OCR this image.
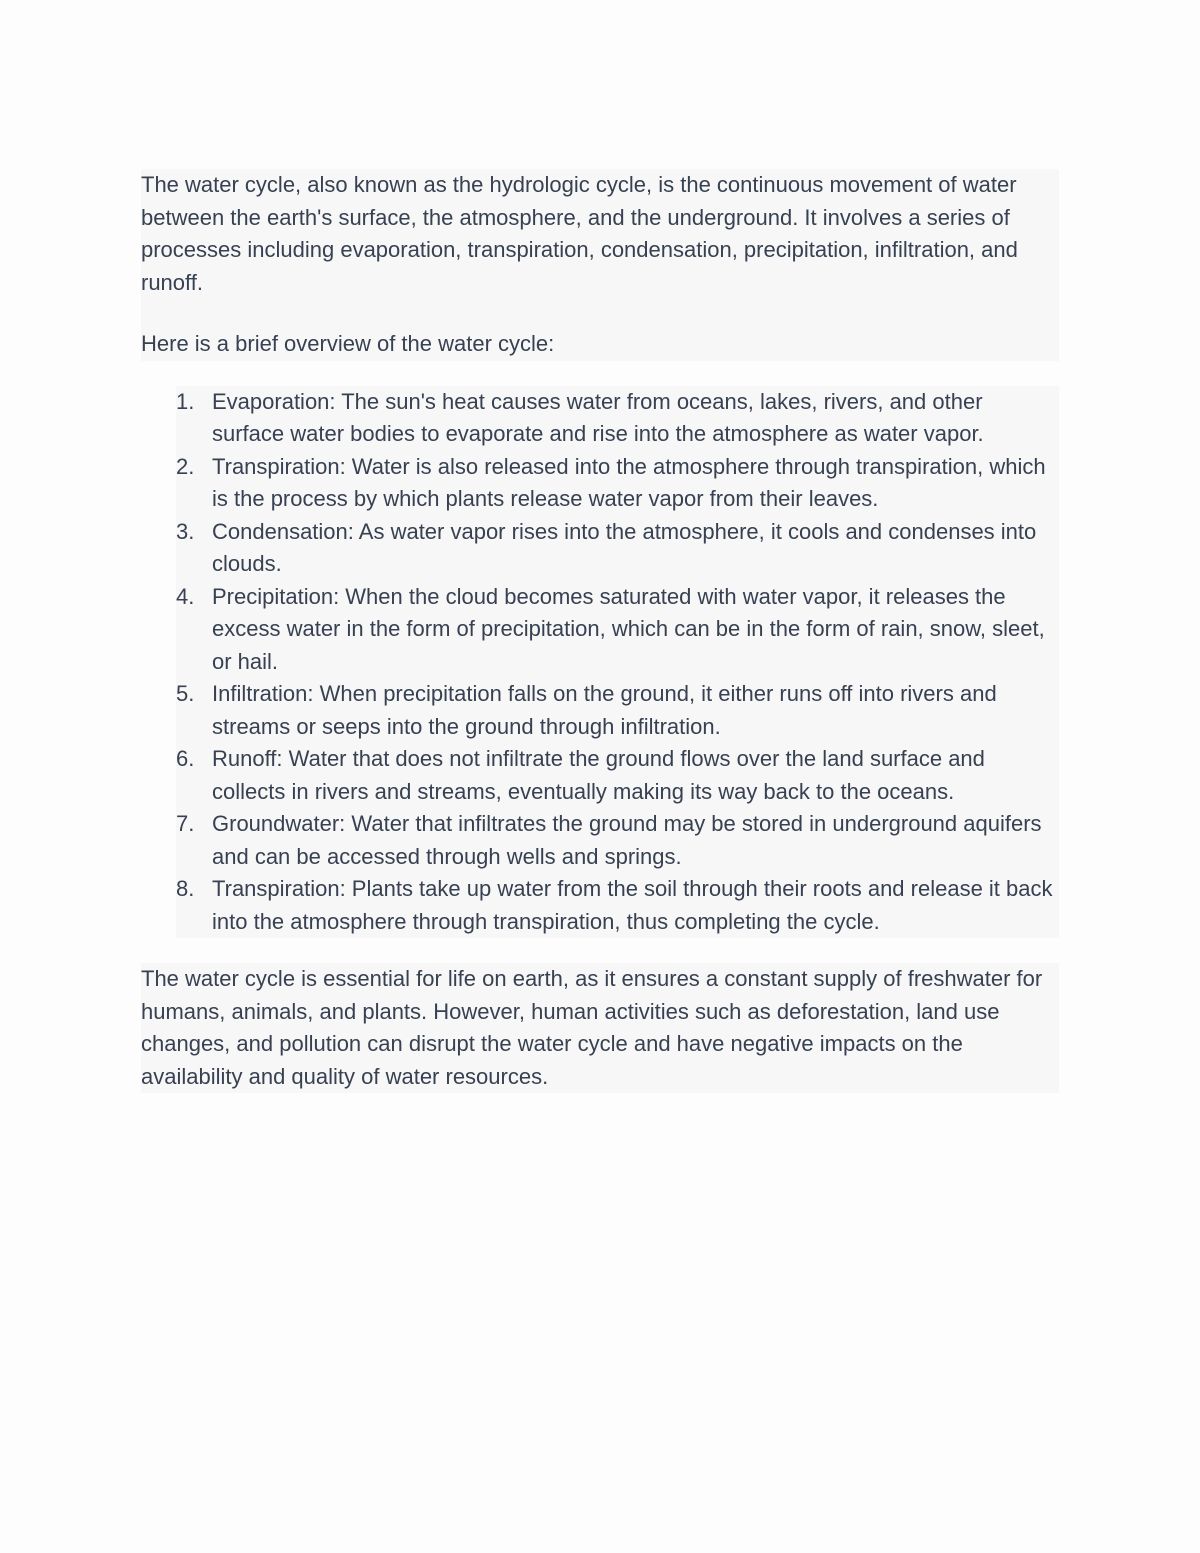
The water cycle, also known as the hydrologic cycle, is the continuous movement of water between the earth's surface, the atmosphere, and the underground. It involves a series of processes including evaporation, transpiration, condensation, precipitation, infiltration, and runoff.

Here is a brief overview of the water cycle:

1. Evaporation: The sun's heat causes water from oceans, lakes, rivers, and other surface water bodies to evaporate and rise into the atmosphere as water vapor.
2. Transpiration: Water is also released into the atmosphere through transpiration, which is the process by which plants release water vapor from their leaves.
3. Condensation: As water vapor rises into the atmosphere, it cools and condenses into clouds.
4. Precipitation: When the cloud becomes saturated with water vapor, it releases the excess water in the form of precipitation, which can be in the form of rain, snow, sleet, or hail.
5. Infiltration: When precipitation falls on the ground, it either runs off into rivers and streams or seeps into the ground through infiltration.
6. Runoff: Water that does not infiltrate the ground flows over the land surface and collects in rivers and streams, eventually making its way back to the oceans.
7. Groundwater: Water that infiltrates the ground may be stored in underground aquifers and can be accessed through wells and springs.
8. Transpiration: Plants take up water from the soil through their roots and release it back into the atmosphere through transpiration, thus completing the cycle.

The water cycle is essential for life on earth, as it ensures a constant supply of freshwater for humans, animals, and plants. However, human activities such as deforestation, land use changes, and pollution can disrupt the water cycle and have negative impacts on the availability and quality of water resources.
